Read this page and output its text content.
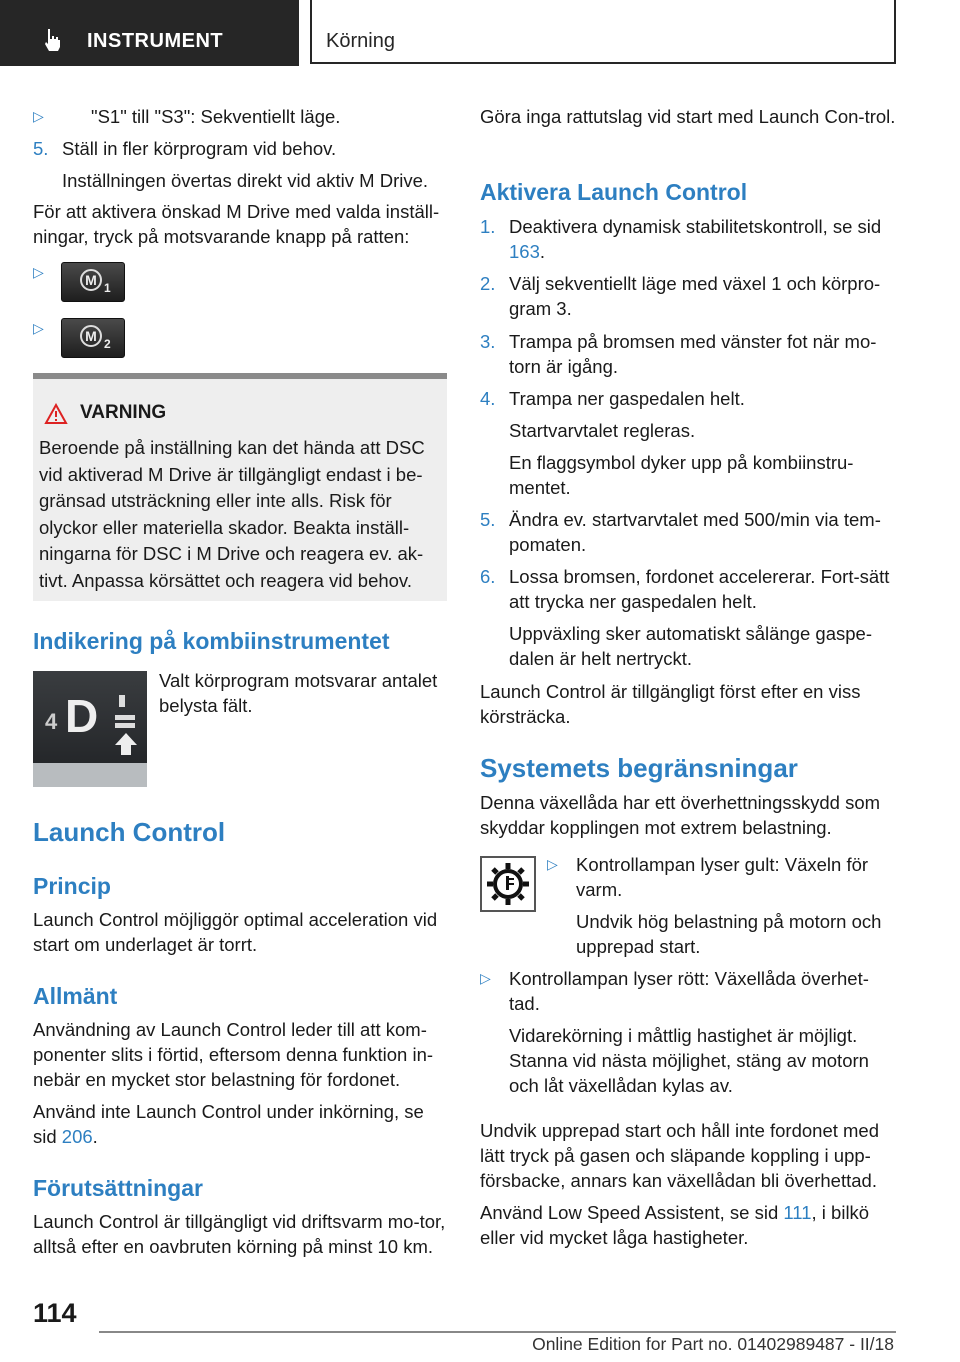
INSTRUMENT	Körning
▷	"S1" till "S3": Sekventiellt läge.

5. Ställ in fler körprogram vid behov.

Inställningen övertas direkt vid aktiv M Drive.

För att aktivera önskad M Drive med valda inställ-ningar, tryck på motsvarande knapp på ratten:

▷	M 1
▷	M 2
VARNING

Beroende på inställning kan det hända att DSC vid aktiverad M Drive är tillgängligt endast i be-gränsad utsträckning eller inte alls. Risk för olyckor eller materiella skador. Beakta inställ-ningarna för DSC i M Drive och reagera ev. ak-tivt. Anpassa körsättet och reagera vid behov.

Indikering på kombiinstrumentet
4 D

Valt körprogram motsvarar antalet belysta fält.

Launch Control
Princip

Launch Control möjliggör optimal acceleration vid start om underlaget är torrt.

Allmänt

Användning av Launch Control leder till att kom-ponenter slits i förtid, eftersom denna funktion in-nebär en mycket stor belastning för fordonet.

Använd inte Launch Control under inkörning, se sid 206.

Förutsättningar

Launch Control är tillgängligt vid driftsvarm mo-tor, alltså efter en oavbruten körning på minst 10 km.

Göra inga rattutslag vid start med Launch Con-trol.

Aktivera Launch Control

1. Deaktivera dynamisk stabilitetskontroll, se sid 163.

2. Välj sekventiellt läge med växel 1 och körpro-gram 3.

3. Trampa på bromsen med vänster fot när mo-torn är igång.

4. Trampa ner gaspedalen helt.

Startvarvtalet regleras.

En flaggsymbol dyker upp på kombiinstru-mentet.

5. Ändra ev. startvarvtalet med 500/min via tem-pomaten.

6. Lossa bromsen, fordonet accelererar. Fort-sätt att trycka ner gaspedalen helt.

Uppväxling sker automatiskt sålänge gaspe-dalen är helt nertryckt.

Launch Control är tillgängligt först efter en viss körsträcka.

Systemets begränsningar

Denna växellåda har ett överhettningsskydd som skyddar kopplingen mot extrem belastning.

▷ Kontrollampan lyser gult: Växeln för varm.

Undvik hög belastning på motorn och upprepad start.

▷ Kontrollampan lyser rött: Växellåda överhet-tad.

Vidarekörning i måttlig hastighet är möjligt. Stanna vid nästa möjlighet, stäng av motorn och låt växellådan kylas av.

Undvik upprepad start och håll inte fordonet med lätt tryck på gasen och släpande koppling i upp-försbacke, annars kan växellådan bli överhettad.

Använd Low Speed Assistent, se sid 111, i bilkö eller vid mycket låga hastigheter.

114
Online Edition for Part no. 01402989487 - II/18
